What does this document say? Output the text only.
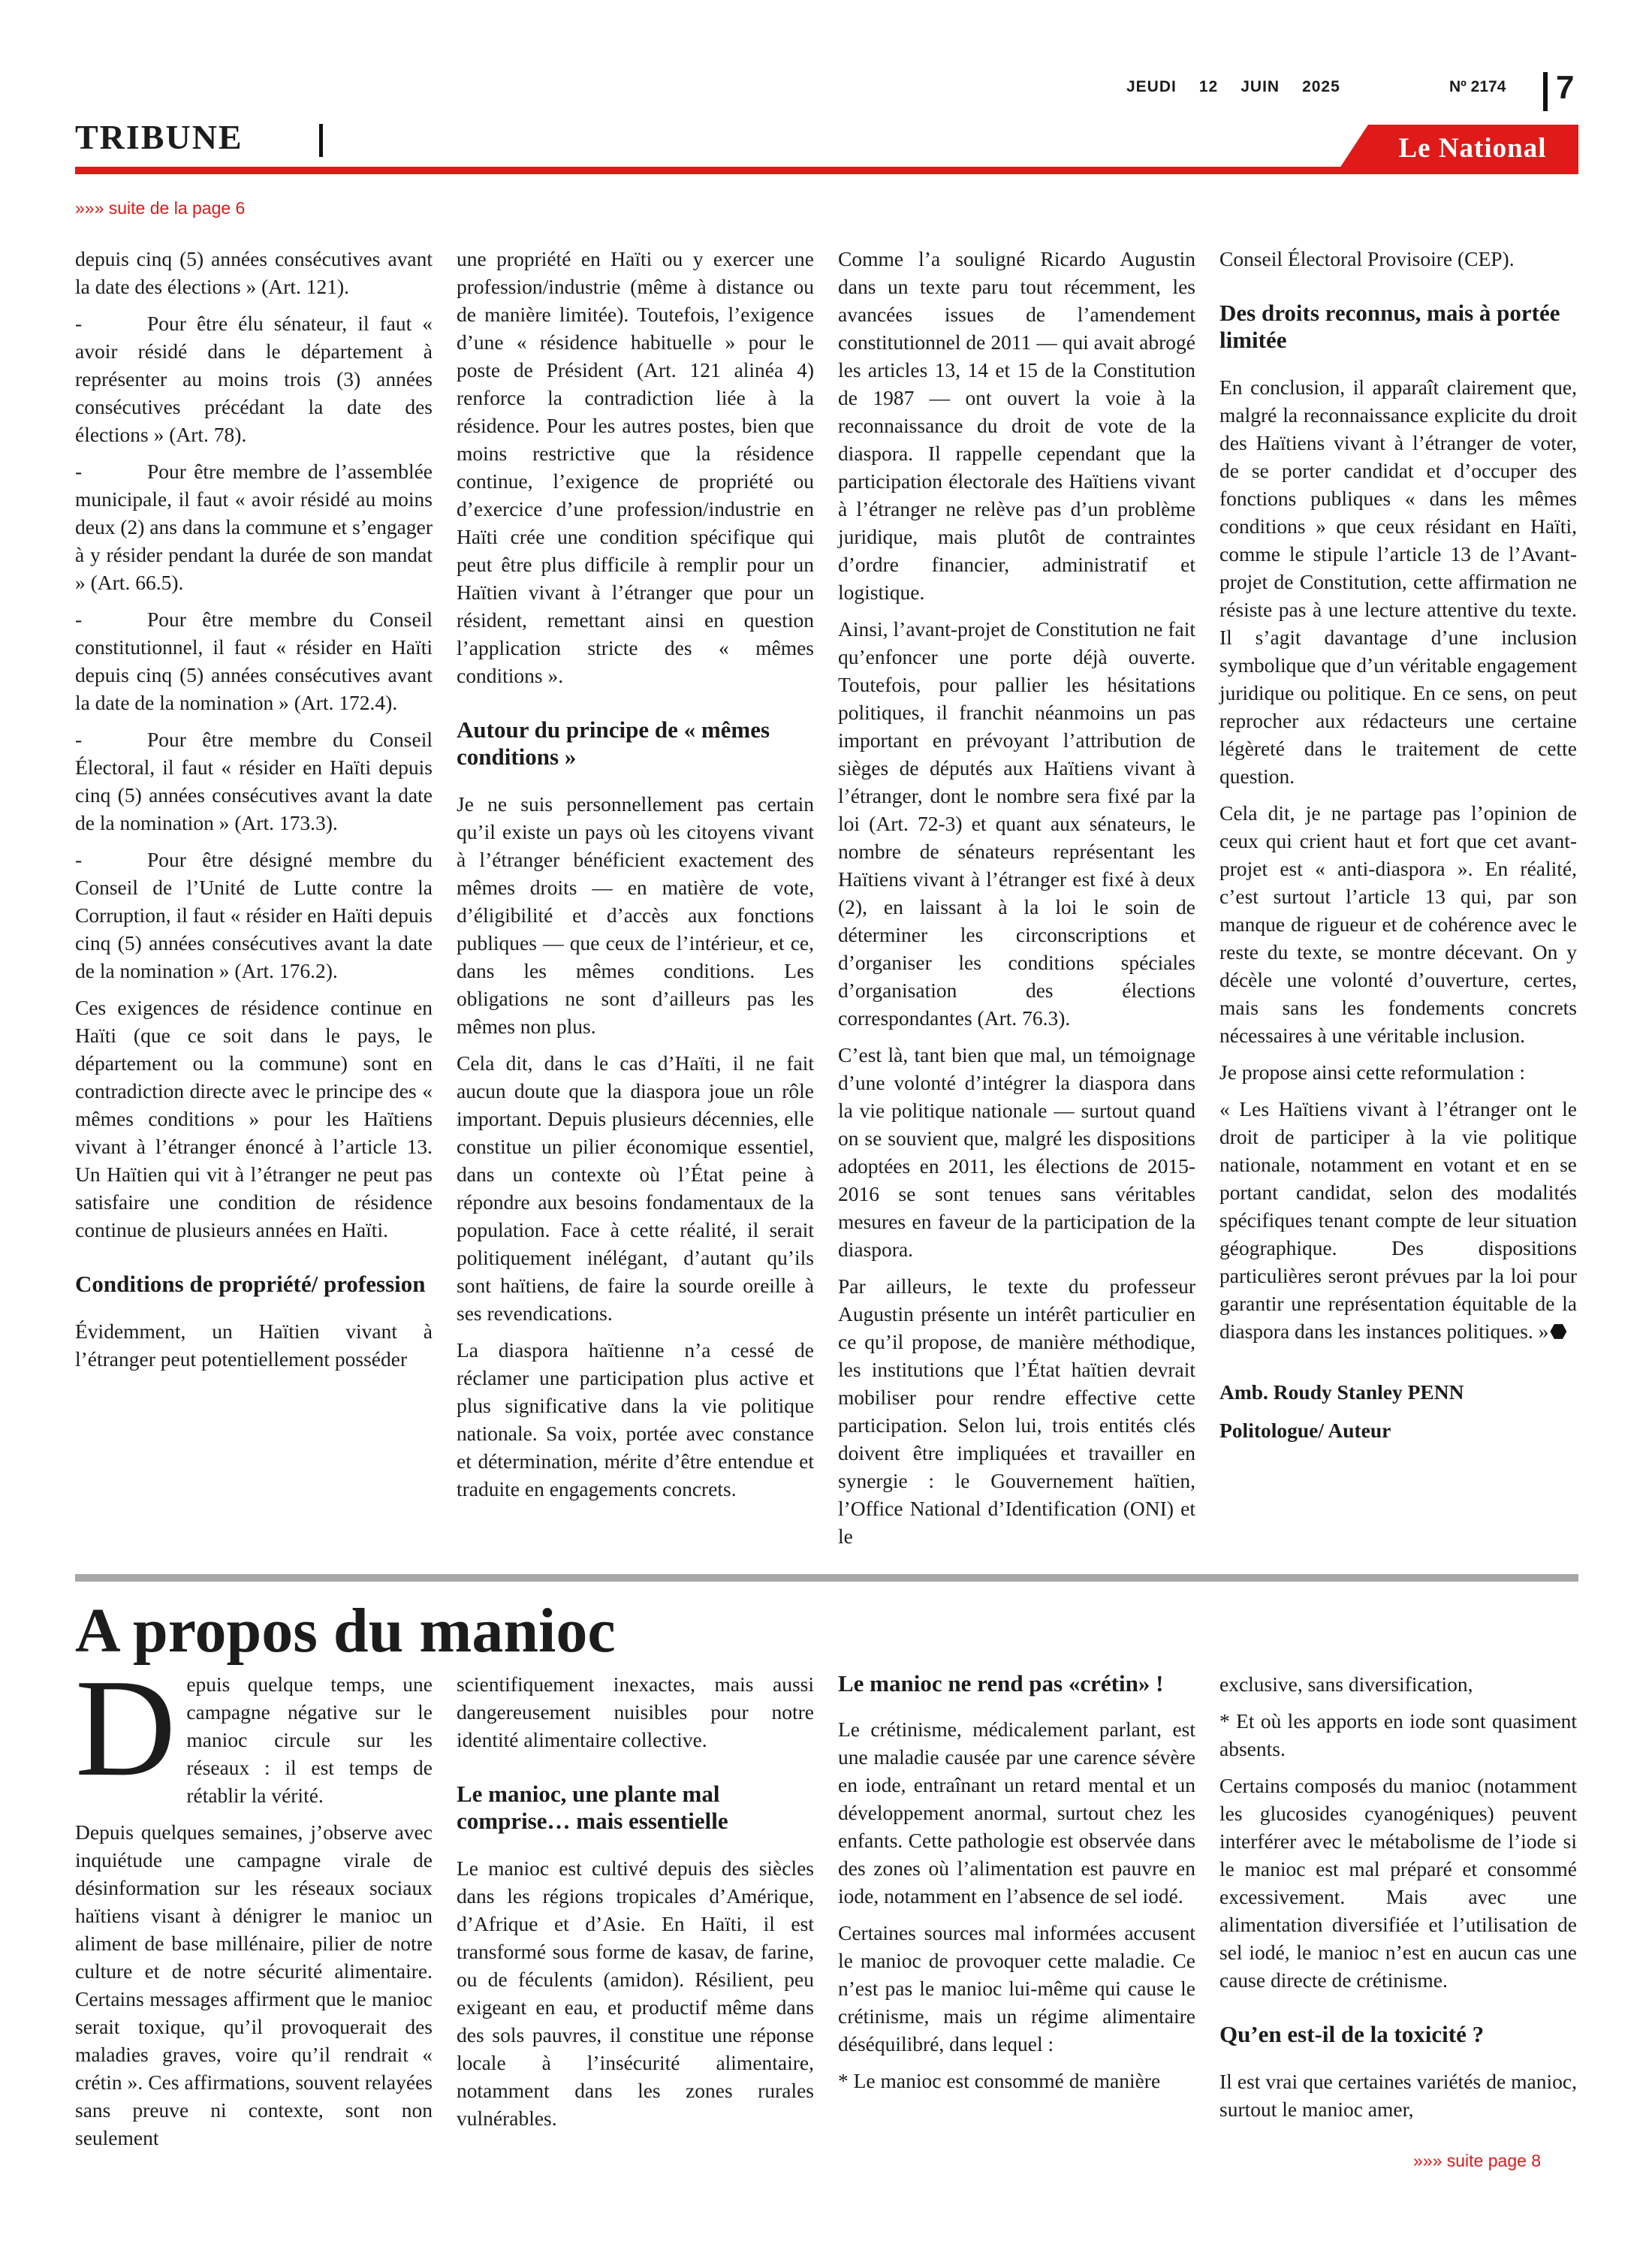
JEUDI 12 JUIN 2025	Nº 2174 7
TRIBUNE	Le National
»»» suite de la page 6

depuis cinq (5) années consécutives avant la date des élections » (Art. 121).

-	Pour être élu sénateur, il faut « avoir résidé dans le département à représenter au moins trois (3) années consécutives précédant la date des élections » (Art. 78).

-	Pour être membre de l’assemblée municipale, il faut « avoir résidé au moins deux (2) ans dans la commune et s’engager à y résider pendant la durée de son mandat » (Art. 66.5).

-	Pour être membre du Conseil constitutionnel, il faut « résider en Haïti depuis cinq (5) années consécutives avant la date de la nomination » (Art. 172.4).

-	Pour être membre du Conseil Électoral, il faut « résider en Haïti depuis cinq (5) années consécutives avant la date de la nomination » (Art. 173.3).

-	Pour être désigné membre du Conseil de l’Unité de Lutte contre la Corruption, il faut « résider en Haïti depuis cinq (5) années consécutives avant la date de la nomination » (Art. 176.2).

Ces exigences de résidence continue en Haïti (que ce soit dans le pays, le département ou la commune) sont en contradiction directe avec le principe des « mêmes conditions » pour les Haïtiens vivant à l’étranger énoncé à l’article 13. Un Haïtien qui vit à l’étranger ne peut pas satisfaire une condition de résidence continue de plusieurs années en Haïti.

Conditions de propriété/ profession

Évidemment, un Haïtien vivant à l’étranger peut potentiellement posséder

une propriété en Haïti ou y exercer une profession/industrie (même à distance ou de manière limitée). Toutefois, l’exigence d’une « résidence habituelle » pour le poste de Président (Art. 121 alinéa 4) renforce la contradiction liée à la résidence. Pour les autres postes, bien que moins restrictive que la résidence continue, l’exigence de propriété ou d’exercice d’une profession/industrie en Haïti crée une condition spécifique qui peut être plus difficile à remplir pour un Haïtien vivant à l’étranger que pour un résident, remettant ainsi en question l’application stricte des « mêmes conditions ».

Autour du principe de « mêmes conditions »

Je ne suis personnellement pas certain qu’il existe un pays où les citoyens vivant à l’étranger bénéficient exactement des mêmes droits — en matière de vote, d’éligibilité et d’accès aux fonctions publiques — que ceux de l’intérieur, et ce, dans les mêmes conditions. Les obligations ne sont d’ailleurs pas les mêmes non plus.

Cela dit, dans le cas d’Haïti, il ne fait aucun doute que la diaspora joue un rôle important. Depuis plusieurs décennies, elle constitue un pilier économique essentiel, dans un contexte où l’État peine à répondre aux besoins fondamentaux de la population. Face à cette réalité, il serait politiquement inélégant, d’autant qu’ils sont haïtiens, de faire la sourde oreille à ses revendications.

La diaspora haïtienne n’a cessé de réclamer une participation plus active et plus significative dans la vie politique nationale. Sa voix, portée avec constance et détermination, mérite d’être entendue et traduite en engagements concrets.

Comme l’a souligné Ricardo Augustin dans un texte paru tout récemment, les avancées issues de l’amendement constitutionnel de 2011 — qui avait abrogé les articles 13, 14 et 15 de la Constitution de 1987 — ont ouvert la voie à la reconnaissance du droit de vote de la diaspora. Il rappelle cependant que la participation électorale des Haïtiens vivant à l’étranger ne relève pas d’un problème juridique, mais plutôt de contraintes d’ordre financier, administratif et logistique.

Ainsi, l’avant-projet de Constitution ne fait qu’enfoncer une porte déjà ouverte. Toutefois, pour pallier les hésitations politiques, il franchit néanmoins un pas important en prévoyant l’attribution de sièges de députés aux Haïtiens vivant à l’étranger, dont le nombre sera fixé par la loi (Art. 72-3) et quant aux sénateurs, le nombre de sénateurs représentant les Haïtiens vivant à l’étranger est fixé à deux (2), en laissant à la loi le soin de déterminer les circonscriptions et d’organiser les conditions spéciales d’organisation des élections correspondantes (Art. 76.3).

C’est là, tant bien que mal, un témoignage d’une volonté d’intégrer la diaspora dans la vie politique nationale — surtout quand on se souvient que, malgré les dispositions adoptées en 2011, les élections de 2015-2016 se sont tenues sans véritables mesures en faveur de la participation de la diaspora.

Par ailleurs, le texte du professeur Augustin présente un intérêt particulier en ce qu’il propose, de manière méthodique, les institutions que l’État haïtien devrait mobiliser pour rendre effective cette participation. Selon lui, trois entités clés doivent être impliquées et travailler en synergie : le Gouvernement haïtien, l’Office National d’Identification (ONI) et le

Conseil Électoral Provisoire (CEP).

Des droits reconnus, mais à portée limitée

En conclusion, il apparaît clairement que, malgré la reconnaissance explicite du droit des Haïtiens vivant à l’étranger de voter, de se porter candidat et d’occuper des fonctions publiques « dans les mêmes conditions » que ceux résidant en Haïti, comme le stipule l’article 13 de l’Avant-projet de Constitution, cette affirmation ne résiste pas à une lecture attentive du texte. Il s’agit davantage d’une inclusion symbolique que d’un véritable engagement juridique ou politique. En ce sens, on peut reprocher aux rédacteurs une certaine légèreté dans le traitement de cette question.

Cela dit, je ne partage pas l’opinion de ceux qui crient haut et fort que cet avant-projet est « anti-diaspora ». En réalité, c’est surtout l’article 13 qui, par son manque de rigueur et de cohérence avec le reste du texte, se montre décevant. On y décèle une volonté d’ouverture, certes, mais sans les fondements concrets nécessaires à une véritable inclusion.

Je propose ainsi cette reformulation :

« Les Haïtiens vivant à l’étranger ont le droit de participer à la vie politique nationale, notamment en votant et en se portant candidat, selon des modalités spécifiques tenant compte de leur situation géographique. Des dispositions particulières seront prévues par la loi pour garantir une représentation équitable de la diaspora dans les instances politiques. »

Amb. Roudy Stanley PENN

Politologue/ Auteur

A propos du manioc

Depuis quelque temps, une campagne négative sur le manioc circule sur les réseaux : il est temps de rétablir la vérité.

Depuis quelques semaines, j’observe avec inquiétude une campagne virale de désinformation sur les réseaux sociaux haïtiens visant à dénigrer le manioc un aliment de base millénaire, pilier de notre culture et de notre sécurité alimentaire. Certains messages affirment que le manioc serait toxique, qu’il provoquerait des maladies graves, voire qu’il rendrait « crétin ». Ces affirmations, souvent relayées sans preuve ni contexte, sont non seulement

scientifiquement inexactes, mais aussi dangereusement nuisibles pour notre identité alimentaire collective.

Le manioc, une plante mal comprise… mais essentielle

Le manioc est cultivé depuis des siècles dans les régions tropicales d’Amérique, d’Afrique et d’Asie. En Haïti, il est transformé sous forme de kasav, de farine, ou de féculents (amidon). Résilient, peu exigeant en eau, et productif même dans des sols pauvres, il constitue une réponse locale à l’insécurité alimentaire, notamment dans les zones rurales vulnérables.

Le manioc ne rend pas «crétin» !

Le crétinisme, médicalement parlant, est une maladie causée par une carence sévère en iode, entraînant un retard mental et un développement anormal, surtout chez les enfants. Cette pathologie est observée dans des zones où l’alimentation est pauvre en iode, notamment en l’absence de sel iodé.

Certaines sources mal informées accusent le manioc de provoquer cette maladie. Ce n’est pas le manioc lui-même qui cause le crétinisme, mais un régime alimentaire déséquilibré, dans lequel :

* Le manioc est consommé de manière

exclusive, sans diversification,

* Et où les apports en iode sont quasiment absents.

Certains composés du manioc (notamment les glucosides cyanogéniques) peuvent interférer avec le métabolisme de l’iode si le manioc est mal préparé et consommé excessivement. Mais avec une alimentation diversifiée et l’utilisation de sel iodé, le manioc n’est en aucun cas une cause directe de crétinisme.

Qu’en est-il de la toxicité ?

Il est vrai que certaines variétés de manioc, surtout le manioc amer,

»»» suite page 8
